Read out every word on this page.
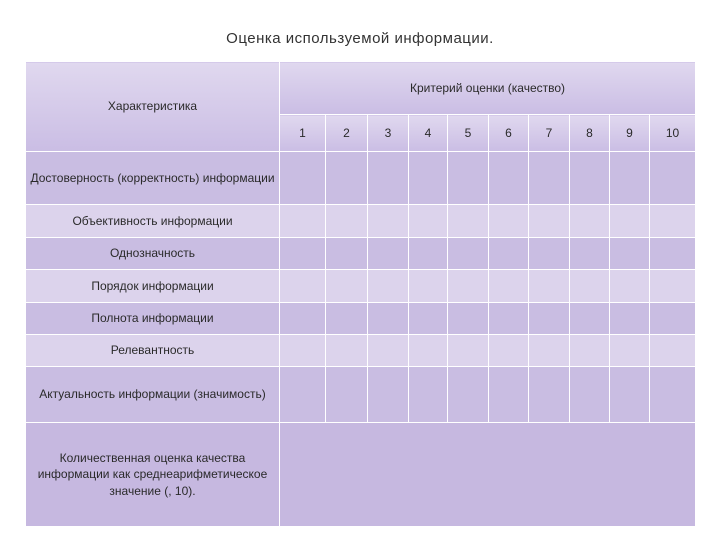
Оценка используемой информации.
Характеристика	Критерий оценки (качество)									
	1	2	3	4	5	6	7	8	9	10
Достоверность (корректность) информации										
Объективность информации										
Однозначность										
Порядок информации										
Полнота информации										
Релевантность										
Актуальность информации (значимость)										
Количественная оценка качества информации как среднеарифметическое значение (, 10).										
